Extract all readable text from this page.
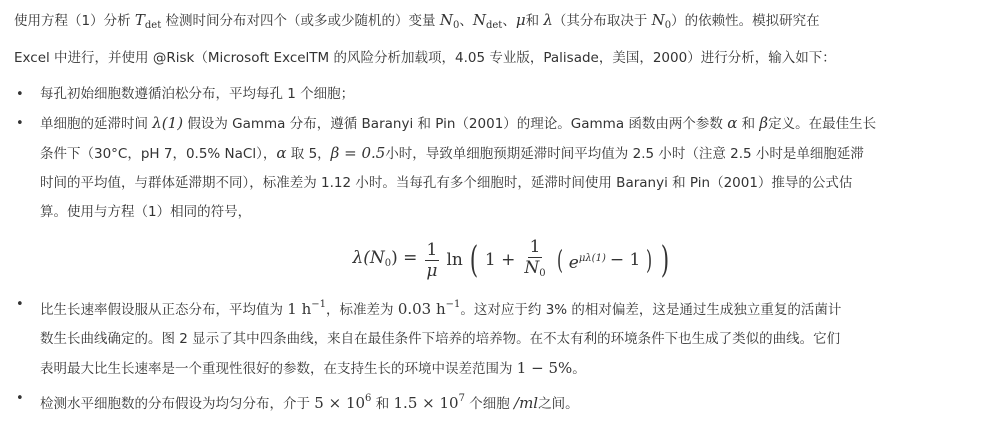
使用方程（1）分析 $T_{det}$ 检测时间分布对四个（或多或少随机的）变量 $N_0$、$N_{det}$、μ和 λ（其分布取决于 $N_0$）的依赖性。模拟研究在
Excel 中进行，并使用 @Risk（Microsoft ExcelTM 的风险分析加载项，4.05 专业版，Palisade，美国，2000）进行分析，输入如下：

• 每孔初始细胞数遵循泊松分布，平均每孔 1 个细胞；
• 单细胞的延滞时间 λ(1) 假设为 Gamma 分布，遵循 Baranyi 和 Pin（2001）的理论。Gamma 函数由两个参数 α 和 β定义。在最佳生长
条件下（30°C，pH 7，0.5% NaCl），α 取 5，β = 0.5小时，导致单细胞预期延滞时间平均值为 2.5 小时（注意 2.5 小时是单细胞延滞
时间的平均值，与群体延滞期不同），标准差为 1.12 小时。当每孔有多个细胞时，延滞时间使用 Baranyi 和 Pin（2001）推导的公式估
算。使用与方程（1）相同的符号，
$\lambda(N_0) = \frac{1}{\mu}$ ln ( $1 + \frac{1}{N_0}$ ( $e^{\mu\lambda(1)} - 1$ ) )
• 比生长速率假设服从正态分布，平均值为 1 $h^{-1}$，标准差为 0.03 $h^{-1}$。这对应于约 3% 的相对偏差，这是通过生成独立重复的活菌计
数生长曲线确定的。图 2 显示了其中四条曲线，来自在最佳条件下培养的培养物。在不太有利的环境条件下也生成了类似的曲线。它们
表明最大比生长速率是一个重现性很好的参数，在支持生长的环境中误差范围为 1 − 5%。
• 检测水平细胞数的分布假设为均匀分布，介于 $5 \times 10^6$ 和 $1.5 \times 10^7$ 个细胞 /ml之间。
